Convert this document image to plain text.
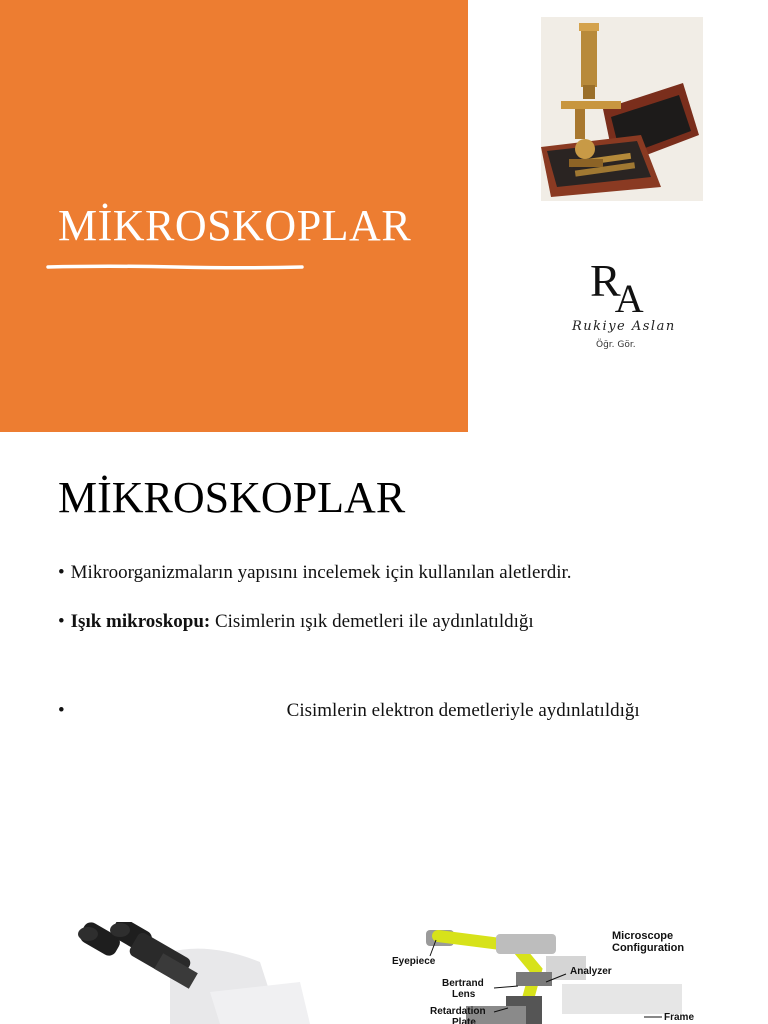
MİKROSKOPLAR
RA
Rukiye Aslan
Öğr. Gör.
MİKROSKOPLAR
• Mikroorganizmaların yapısını incelemek için kullanılan aletlerdir.
• Işık mikroskopu: Cisimlerin ışık demetleri ile aydınlatıldığı
•	Cisimlerin elektron demetleriyle aydınlatıldığı
Microscope
Configuration
Eyepiece
Analyzer
Bertrand
Lens
Retardation
Plate	Frame
